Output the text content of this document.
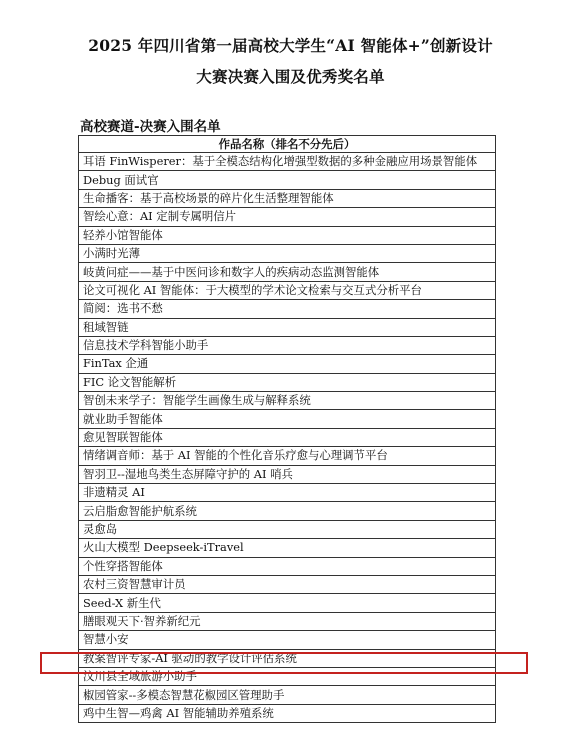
2025 年四川省第一届高校大学生“AI 智能体+”创新设计
大赛决赛入围及优秀奖名单
高校赛道-决赛入围名单
作品名称（排名不分先后）
耳语 FinWisperer：基于全模态结构化增强型数据的多种金融应用场景智能体
Debug 面试官
生命播客：基于高校场景的碎片化生活整理智能体
智绘心意：AI 定制专属明信片
轻养小馆智能体
小满时光薄
岐黄问症——基于中医问诊和数字人的疾病动态监测智能体
论文可视化 AI 智能体：于大模型的学术论文检索与交互式分析平台
简阅：选书不愁
租域智链
信息技术学科智能小助手
FinTax 企通
FIC 论文智能解析
智创未来学子：智能学生画像生成与解释系统
就业助手智能体
愈见智联智能体
情绪调音师：基于 AI 智能的个性化音乐疗愈与心理调节平台
智羽卫--湿地鸟类生态屏障守护的 AI 哨兵
非遗精灵 AI
云启脂愈智能护航系统
灵愈岛
火山大模型 Deepseek-iTravel
个性穿搭智能体
农村三资智慧审计员
Seed-X 新生代
膳眼观天下·智养新纪元
智慧小安
教案智评专家-AI 驱动的教学设计评估系统
汶川县全域旅游小助手
椒园管家--多模态智慧花椒园区管理助手
鸡中生智—鸡禽 AI 智能辅助养殖系统
